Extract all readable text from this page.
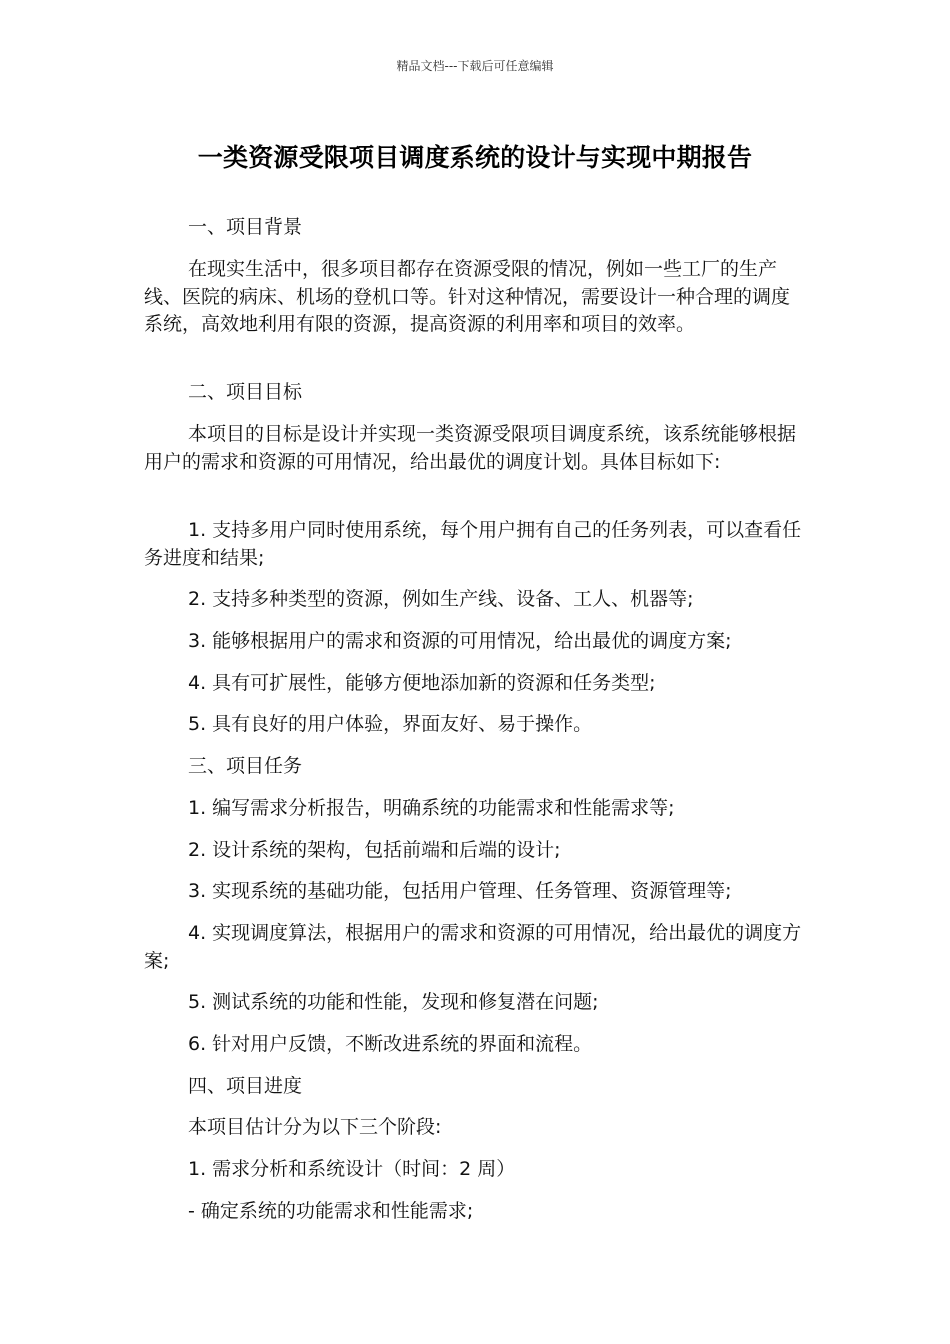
精品文档---下载后可任意编辑
一类资源受限项目调度系统的设计与实现中期报告

一、项目背景

在现实生活中，很多项目都存在资源受限的情况，例如一些工厂的生产线、医院的病床、机场的登机口等。针对这种情况，需要设计一种合理的调度系统，高效地利用有限的资源，提高资源的利用率和项目的效率。

二、项目目标

本项目的目标是设计并实现一类资源受限项目调度系统，该系统能够根据用户的需求和资源的可用情况，给出最优的调度计划。具体目标如下:

1. 支持多用户同时使用系统，每个用户拥有自己的任务列表，可以查看任务进度和结果;

2. 支持多种类型的资源，例如生产线、设备、工人、机器等;

3. 能够根据用户的需求和资源的可用情况，给出最优的调度方案;

4. 具有可扩展性，能够方便地添加新的资源和任务类型;

5. 具有良好的用户体验，界面友好、易于操作。

三、项目任务

1. 编写需求分析报告，明确系统的功能需求和性能需求等;

2. 设计系统的架构，包括前端和后端的设计;

3. 实现系统的基础功能，包括用户管理、任务管理、资源管理等;

4. 实现调度算法，根据用户的需求和资源的可用情况，给出最优的调度方案;

5. 测试系统的功能和性能，发现和修复潜在问题;

6. 针对用户反馈，不断改进系统的界面和流程。

四、项目进度

本项目估计分为以下三个阶段:

1. 需求分析和系统设计（时间：2 周）

- 确定系统的功能需求和性能需求;
